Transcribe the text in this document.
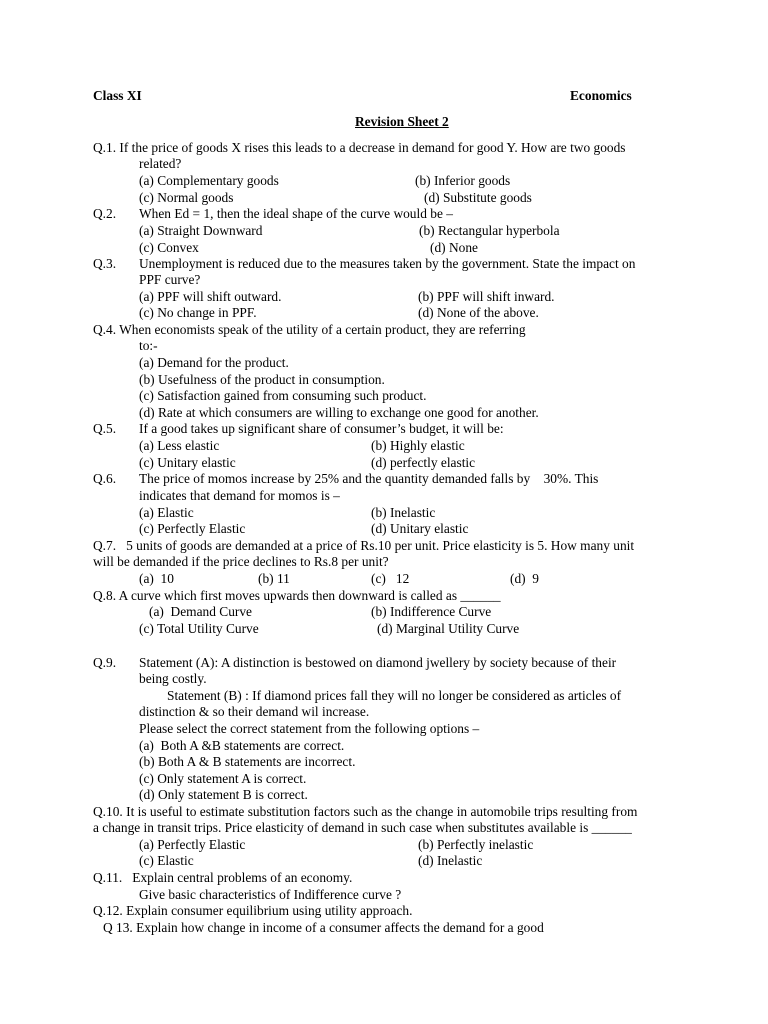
Class XI	Economics
Revision Sheet 2
Q.1. If the price of goods X rises this leads to a decrease in demand for good Y. How are two goods
related?
(a) Complementary goods	(b) Inferior goods
(c) Normal goods	(d) Substitute goods
Q.2. When Ed = 1, then the ideal shape of the curve would be –
(a) Straight Downward	(b) Rectangular hyperbola
(c) Convex	(d) None
Q.3. Unemployment is reduced due to the measures taken by the government. State the impact on
PPF curve?
(a) PPF will shift outward.	(b) PPF will shift inward.
(c) No change in PPF.	(d) None of the above.
Q.4. When economists speak of the utility of a certain product, they are referring
to:-
(a) Demand for the product.
(b) Usefulness of the product in consumption.
(c) Satisfaction gained from consuming such product.
(d) Rate at which consumers are willing to exchange one good for another.
Q.5. If a good takes up significant share of consumer’s budget, it will be:
(a) Less elastic	(b) Highly elastic
(c) Unitary elastic	(d) perfectly elastic
Q.6. The price of momos increase by 25% and the quantity demanded falls by    30%. This
indicates that demand for momos is –
(a) Elastic	(b) Inelastic
(c) Perfectly Elastic	(d) Unitary elastic
Q.7.   5 units of goods are demanded at a price of Rs.10 per unit. Price elasticity is 5. How many unit
will be demanded if the price declines to Rs.8 per unit?
(a)  10	(b) 11	(c)   12	(d)  9
Q.8. A curve which first moves upwards then downward is called as ______
(a)  Demand Curve	(b) Indifference Curve
(c) Total Utility Curve	(d) Marginal Utility Curve
Q.9. Statement (A): A distinction is bestowed on diamond jwellery by society because of their
being costly.
Statement (B) : If diamond prices fall they will no longer be considered as articles of
distinction & so their demand wil increase.
Please select the correct statement from the following options –
(a)  Both A &B statements are correct.
(b) Both A & B statements are incorrect.
(c) Only statement A is correct.
(d) Only statement B is correct.
Q.10. It is useful to estimate substitution factors such as the change in automobile trips resulting from
a change in transit trips. Price elasticity of demand in such case when substitutes available is ______
(a) Perfectly Elastic	(b) Perfectly inelastic
(c) Elastic	(d) Inelastic
Q.11.   Explain central problems of an economy.
Give basic characteristics of Indifference curve ?
Q.12. Explain consumer equilibrium using utility approach.
Q 13. Explain how change in income of a consumer affects the demand for a good
